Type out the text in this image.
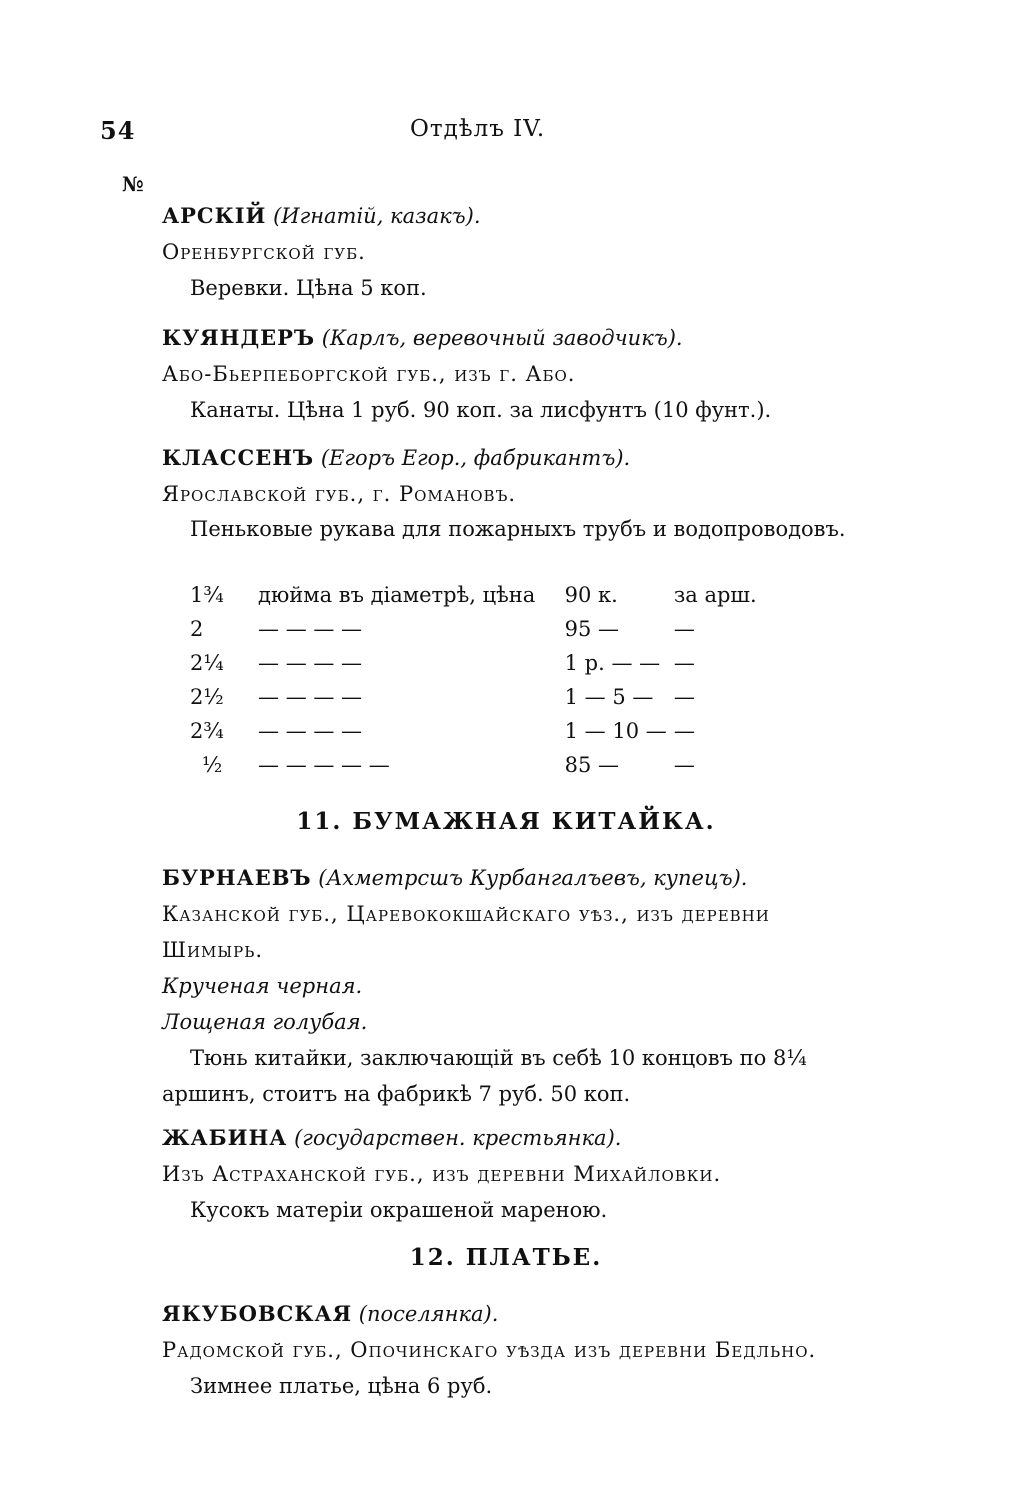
54	Отдѣлъ IV.
№
АРСКІЙ (Игнатій, казакъ).
Оренбургской губ.
Веревки. Цѣна 5 коп.
КУЯНДЕРЪ (Карлъ, веревочный заводчикъ).
Або-Бьерпеборгской губ., изъ г. Або.
Канаты. Цѣна 1 руб. 90 коп. за лисфунтъ (10 фунт.).
КЛАССЕНЪ (Егоръ Егор., фабрикантъ).
Ярославской губ., г. Романовъ.
Пеньковые рукава для пожарныхъ трубъ и водопроводовъ.
1¾	дюйма въ діаметрѣ, цѣна	90 к.	за арш.
2	— — — —	95 —	—
2¼	— — — —	1 р. — —	—
2½	— — — —	1 — 5 —	—
2¾	— — — —	1 — 10 —	—
½	— — — — —	85 —	—
11. БУМАЖНАЯ КИТАЙКА.
БУРНАЕВЪ (Ахметрсшъ Курбангалъевъ, купецъ).
Казанской губ., Царевококшайскаго уѣз., изъ деревни
Шимырь.
Крученая черная.
Лощеная голубая.
Тюнь китайки, заключающій въ себѣ 10 концовъ по 8¼
аршинъ, стоитъ на фабрикѣ 7 руб. 50 коп.
ЖАБИНА (государствен. крестьянка).
Изъ Астраханской губ., изъ деревни Михайловки.
Кусокъ матеріи окрашеной мареною.
12. ПЛАТЬЕ.
ЯКУБОВСКАЯ (поселянка).
Радомской губ., Опочинскаго уѣзда изъ деревни Бедльно.
Зимнее платье, цѣна 6 руб.
